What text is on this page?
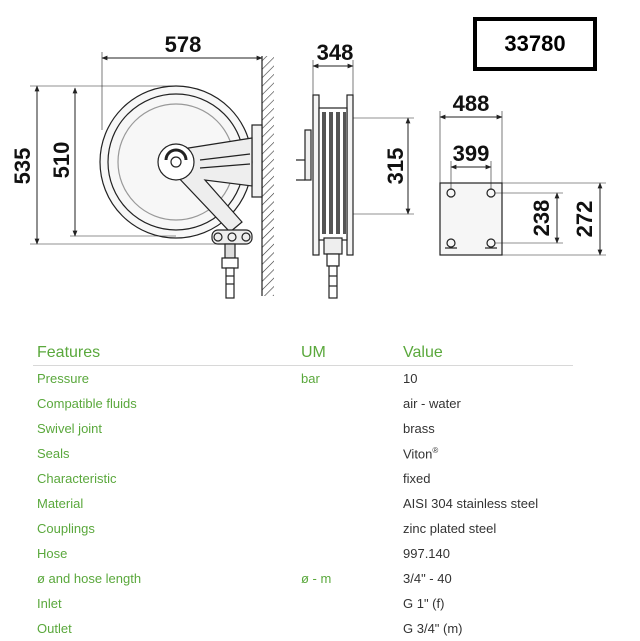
578
535 510
348
315
488
399
238 272
33780
Features	UM	Value
Pressure	bar	10
Compatible fluids		air - water
Swivel joint		brass
Seals		Viton®
Characteristic		fixed
Material		AISI 304 stainless steel
Couplings		zinc plated steel
Hose		997.140
ø and hose length	ø - m	3/4" - 40
Inlet		G 1" (f)
Outlet		G 3/4" (m)
